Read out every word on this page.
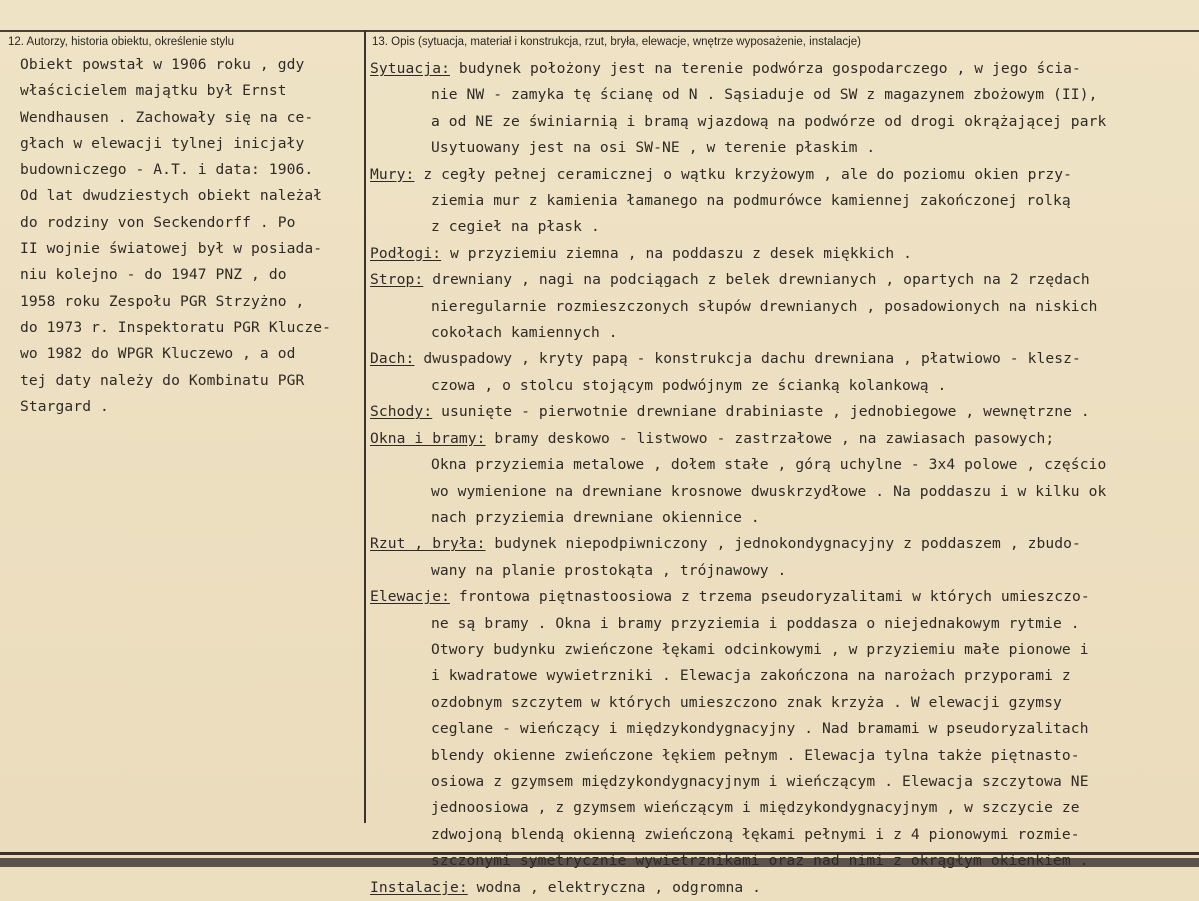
12. Autorzy, historia obiektu, określenie stylu	13. Opis (sytuacja, materiał i konstrukcja, rzut, bryła, elewacje, wnętrze wyposażenie, instalacje)
Obiekt powstał w 1906 roku , gdy
właścicielem majątku był Ernst
Wendhausen . Zachowały się na ce-
głach w elewacji tylnej inicjały
budowniczego - A.T. i data: 1906.
Od lat dwudziestych obiekt należał
do rodziny von Seckendorff . Po
II wojnie światowej był w posiada-
niu kolejno - do 1947 PNZ , do
1958 roku Zespołu PGR Strzyżno ,
do 1973 r. Inspektoratu PGR Klucze-
wo 1982 do WPGR Kluczewo , a od
tej daty należy do Kombinatu PGR
Stargard .
Sytuacja: budynek położony jest na terenie podwórza gospodarczego , w jego ścia-
nie NW - zamyka tę ścianę od N . Sąsiaduje od SW z magazynem zbożowym (II),
a od NE ze świniarnią i bramą wjazdową na podwórze od drogi okrążającej park
Usytuowany jest na osi SW-NE , w terenie płaskim .
Mury: z cegły pełnej ceramicznej o wątku krzyżowym , ale do poziomu okien przy-
ziemia mur z kamienia łamanego na podmurówce kamiennej zakończonej rolką
z cegieł na płask .
Podłogi: w przyziemiu ziemna , na poddaszu z desek miękkich .
Strop: drewniany , nagi na podciągach z belek drewnianych , opartych na 2 rzędach
nieregularnie rozmieszczonych słupów drewnianych , posadowionych na niskich
cokołach kamiennych .
Dach: dwuspadowy , kryty papą - konstrukcja dachu drewniana , płatwiowo - klesz-
czowa , o stolcu stojącym podwójnym ze ścianką kolankową .
Schody: usunięte - pierwotnie drewniane drabiniaste , jednobiegowe , wewnętrzne .
Okna i bramy: bramy deskowo - listwowo - zastrzałowe , na zawiasach pasowych;
Okna przyziemia metalowe , dołem stałe , górą uchylne - 3x4 polowe , częścio
wo wymienione na drewniane krosnowe dwuskrzydłowe . Na poddaszu i w kilku ok
nach przyziemia drewniane okiennice .
Rzut , bryła: budynek niepodpiwniczony , jednokondygnacyjny z poddaszem , zbudo-
wany na planie prostokąta , trójnawowy .
Elewacje: frontowa piętnastoosiowa z trzema pseudoryzalitami w których umieszczo-
ne są bramy . Okna i bramy przyziemia i poddasza o niejednakowym rytmie .
Otwory budynku zwieńczone łękami odcinkowymi , w przyziemiu małe pionowe i
i kwadratowe wywietrzniki . Elewacja zakończona na narożach przyporami z
ozdobnym szczytem w których umieszczono znak krzyża . W elewacji gzymsy
ceglane - wieńczący i międzykondygnacyjny . Nad bramami w pseudoryzalitach
blendy okienne zwieńczone łękiem pełnym . Elewacja tylna także piętnasto-
osiowa z gzymsem międzykondygnacyjnym i wieńczącym . Elewacja szczytowa NE
jednoosiowa , z gzymsem wieńczącym i międzykondygnacyjnym , w szczycie ze
zdwojoną blendą okienną zwieńczoną łękami pełnymi i z 4 pionowymi rozmie-
szczonymi symetrycznie wywietrznikami oraz nad nimi z okrągłym okienkiem .
Instalacje: wodna , elektryczna , odgromna .
